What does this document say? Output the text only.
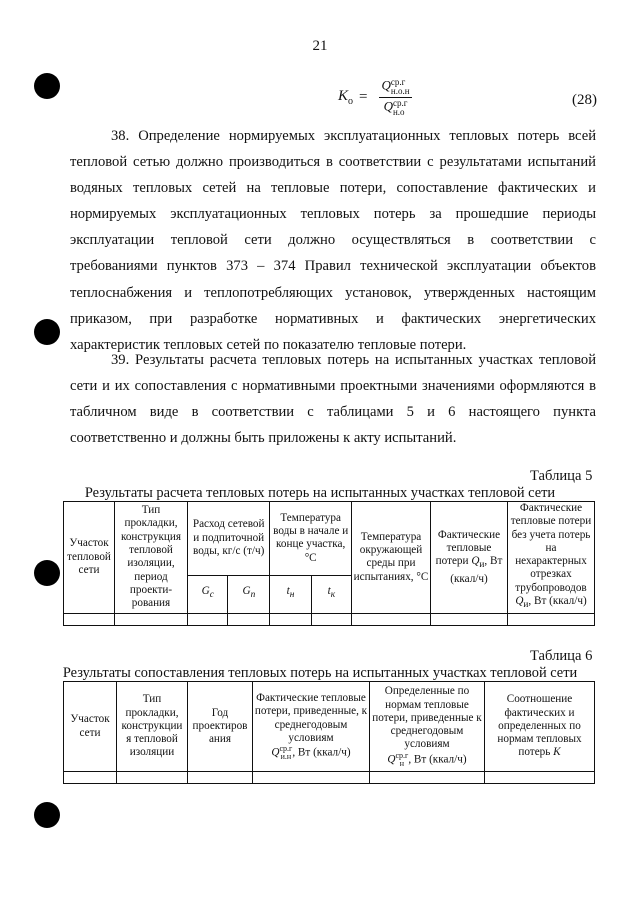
21
$K_о = Q$ ср.г
н.о.н
Q ср.г
н.о	(28)

38. Определение нормируемых эксплуатационных тепловых потерь всей тепловой сетью должно производиться в соответствии с результатами испытаний водяных тепловых сетей на тепловые потери, сопоставление фактических и нормируемых эксплуатационных тепловых потерь за прошедшие периоды эксплуатации тепловой сети должно осуществляться в соответствии с требованиями пунктов 373 – 374 Правил технической эксплуатации объектов теплоснабжения и теплопотребляющих установок, утвержденных настоящим приказом, при разработке нормативных и фактических энергетических характеристик тепловых сетей по показателю тепловые потери.

39. Результаты расчета тепловых потерь на испытанных участках тепловой сети и их сопоставления с нормативными проектными значениями оформляются в табличном виде в соответствии с таблицами 5 и 6 настоящего пункта соответственно и должны быть приложены к акту испытаний.

Таблица 5
Результаты расчета тепловых потерь на испытанных участках тепловой сети
Участок тепловой сети	Тип прокладки, конструкция тепловой изоляции, период проекти-рования	Расход сетевой и подпиточной воды, кг/с (т/ч)		Температура воды в начале и конце участка, °С		Температура окружающей среды при испытаниях, °С	Фактические тепловые потери $Q_и$, Вт (ккал/ч)	Фактические тепловые потери без учета потерь на нехарактерных отрезках трубопроводов $Q_и$, Вт (ккал/ч)
		$G_с$	$G_п$	$t_н$	$t_к$

Таблица 6
Результаты сопоставления тепловых потерь на испытанных участках тепловой сети
Участок сети	Тип прокладки, конструкции я тепловой изоляции	Год проектиров ания	Фактические тепловые потери, приведенные, к среднегодовым условиям
Q ср.г
и.н , Вт (ккал/ч)	Определенные по нормам тепловые потери, приведенные к среднегодовым условиям
Q ср.г
н , Вт (ккал/ч)	Соотношение фактических и определенных по нормам тепловых потерь K
